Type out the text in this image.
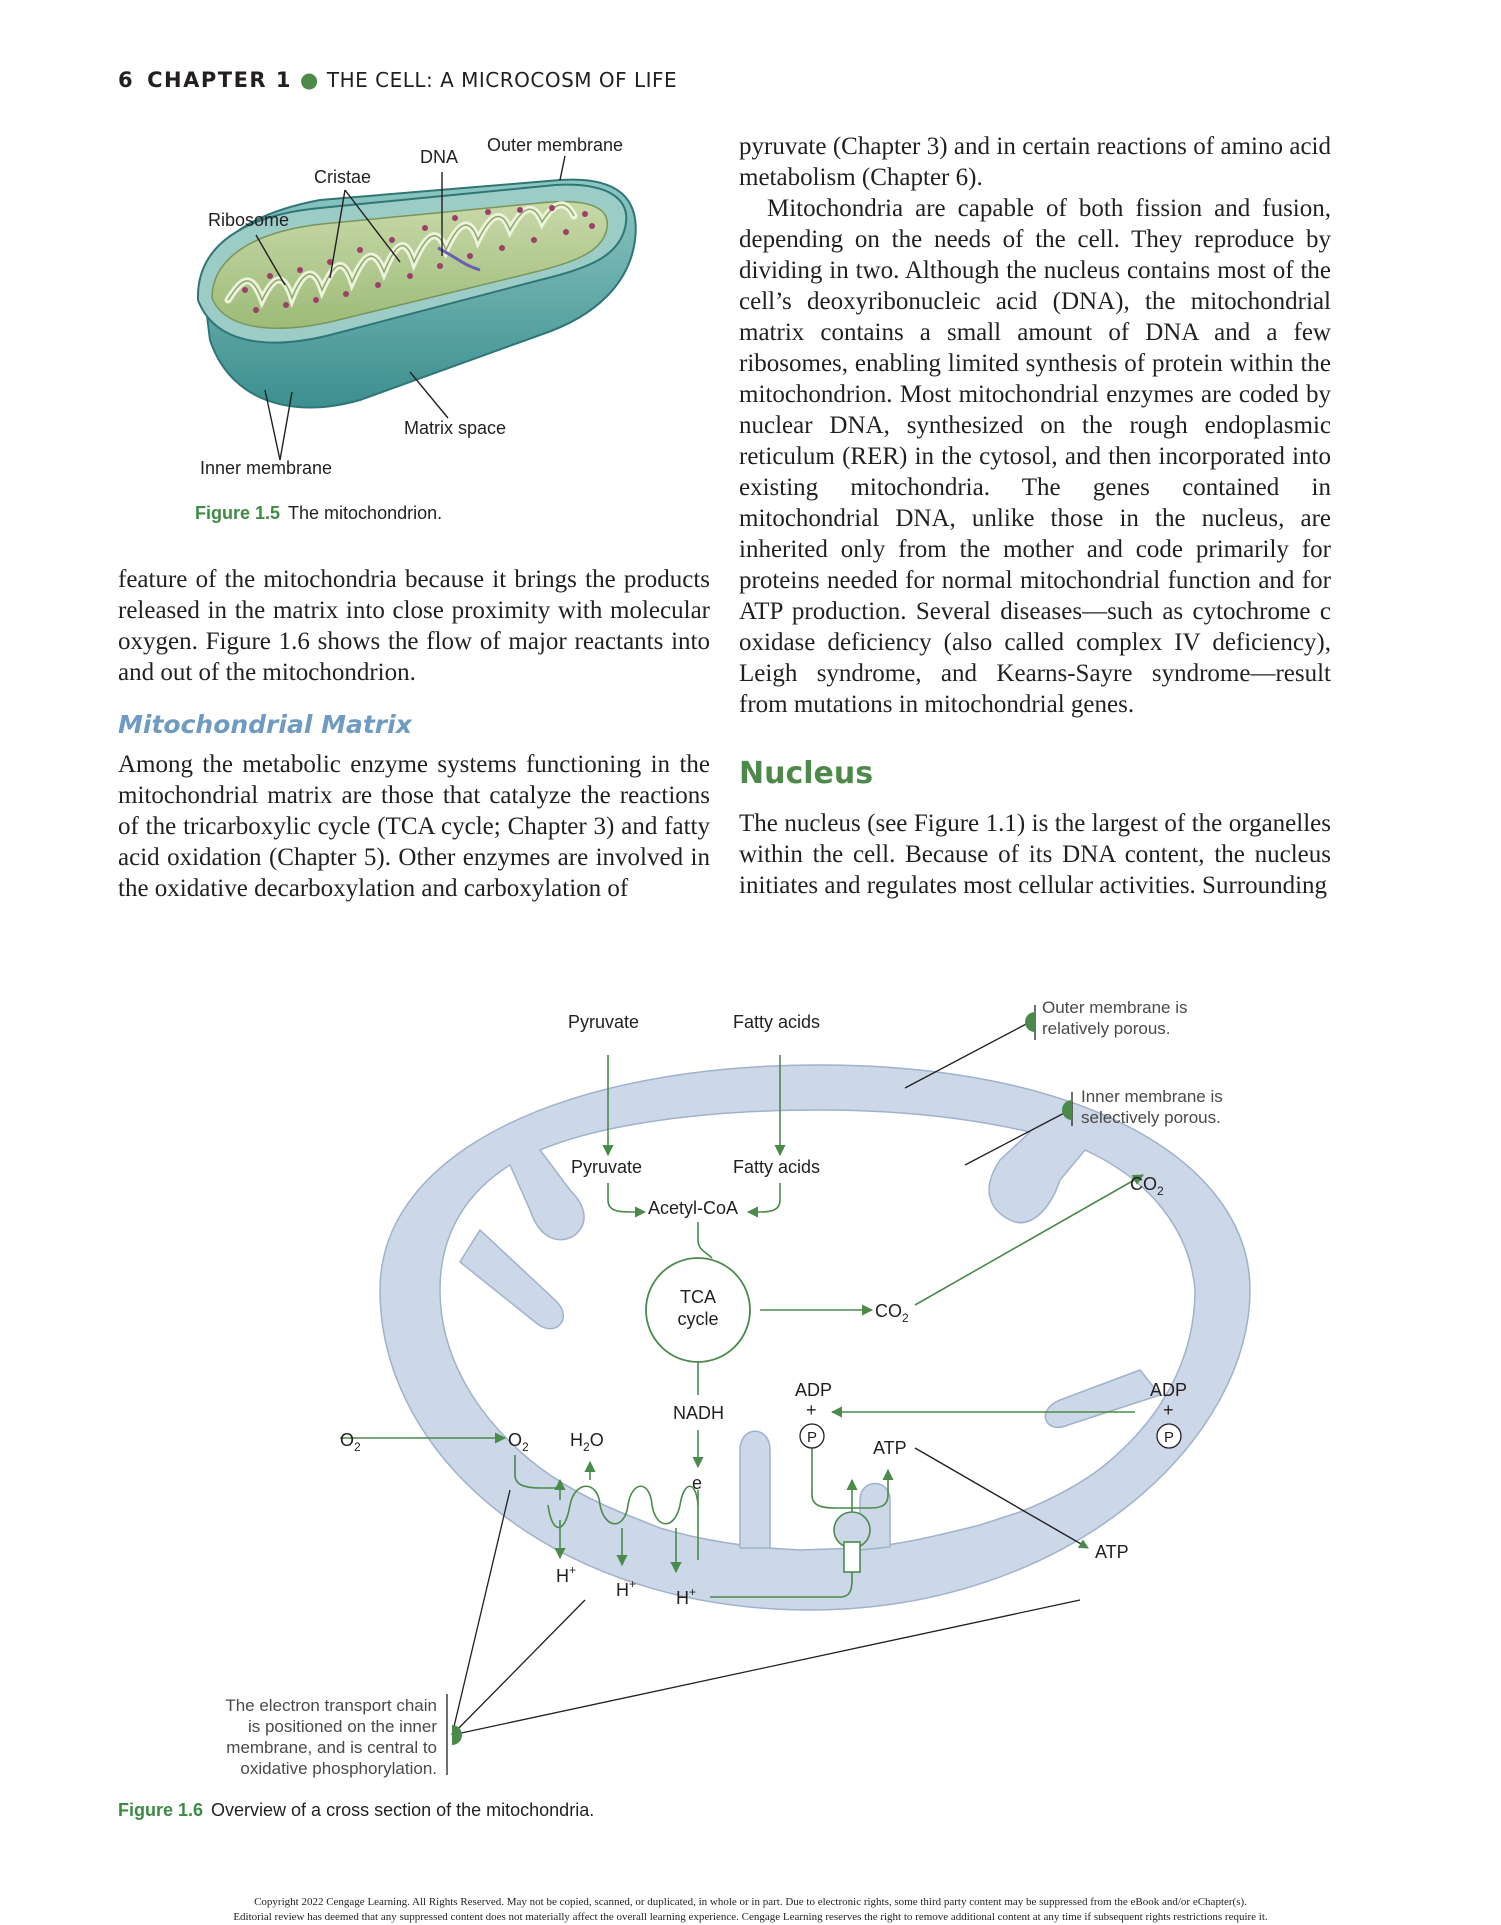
6 CHAPTER 1 ● THE CELL: A MICROCOSM OF LIFE
DNA
Outer membrane
Cristae
Ribosome
Matrix space
Inner membrane
Figure 1.5 The mitochondrion.

feature of the mitochondria because it brings the products released in the matrix into close proximity with molecular oxygen. Figure 1.6 shows the flow of major reactants into and out of the mitochondrion.

Mitochondrial Matrix

Among the metabolic enzyme systems functioning in the mitochondrial matrix are those that catalyze the reactions of the tricarboxylic cycle (TCA cycle; Chapter 3) and fatty acid oxidation (Chapter 5). Other enzymes are involved in the oxidative decarboxylation and carboxylation of

pyruvate (Chapter 3) and in certain reactions of amino acid metabolism (Chapter 6).

Mitochondria are capable of both fission and fusion, depending on the needs of the cell. They reproduce by dividing in two. Although the nucleus contains most of the cell’s deoxyribonucleic acid (DNA), the mitochondrial matrix contains a small amount of DNA and a few ribosomes, enabling limited synthesis of protein within the mitochondrion. Most mitochondrial enzymes are coded by nuclear DNA, synthesized on the rough endoplasmic reticulum (RER) in the cytosol, and then incorporated into existing mitochondria. The genes contained in mitochondrial DNA, unlike those in the nucleus, are inherited only from the mother and code primarily for proteins needed for normal mitochondrial function and for ATP production. Several diseases—such as cytochrome c oxidase deficiency (also called complex IV deficiency), Leigh syndrome, and Kearns-Sayre syndrome—result from mutations in mitochondrial genes.

Nucleus

The nucleus (see Figure 1.1) is the largest of the organelles within the cell. Because of its DNA content, the nucleus initiates and regulates most cellular activities. Surrounding

Pyruvate	Fatty acids
Pyruvate	Fatty acids
Acetyl-CoA
TCA
cycle	$CO_2$
$CO_2$
NADH
e
ADP
+
P
ADP
+
P
ATP
ATP
$O_2$	$O_2$ $H_2O$
H+
H+
H+
Outer membrane is
relatively porous.
Inner membrane is
selectively porous.
The electron transport chain
is positioned on the inner
membrane, and is central to
oxidative phosphorylation.
Figure 1.6 Overview of a cross section of the mitochondria.
Copyright 2022 Cengage Learning. All Rights Reserved. May not be copied, scanned, or duplicated, in whole or in part. Due to electronic rights, some third party content may be suppressed from the eBook and/or eChapter(s).
Editorial review has deemed that any suppressed content does not materially affect the overall learning experience. Cengage Learning reserves the right to remove additional content at any time if subsequent rights restrictions require it.
